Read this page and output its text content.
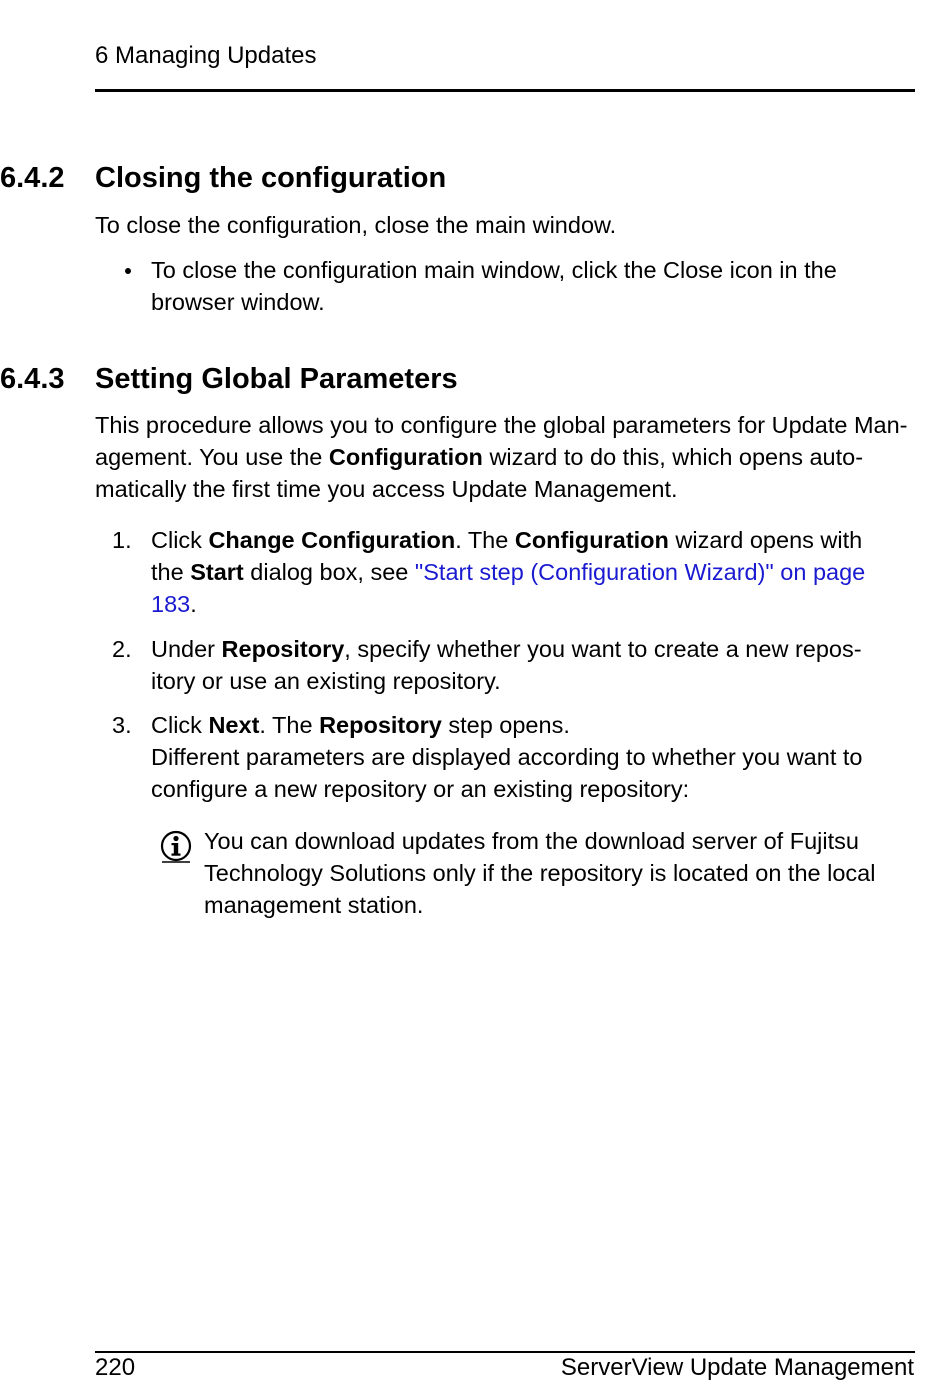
6 Managing Updates
6.4.2 Closing the configuration

To close the configuration, close the main window.

To close the configuration main window, click the Close icon in the browser window.
6.4.3 Setting Global Parameters

This procedure allows you to configure the global parameters for Update Man-agement. You use the Configuration wizard to do this, which opens auto-matically the first time you access Update Management.

1. Click Change Configuration. The Configuration wizard opens with the Start dialog box, see "Start step (Configuration Wizard)" on page 183.
2. Under Repository, specify whether you want to create a new repos-itory or use an existing repository.
3. Click Next. The Repository step opens.
Different parameters are displayed according to whether you want to configure a new repository or an existing repository:
You can download updates from the download server of Fujitsu Technology Solutions only if the repository is located on the local management station.
220	ServerView Update Management
